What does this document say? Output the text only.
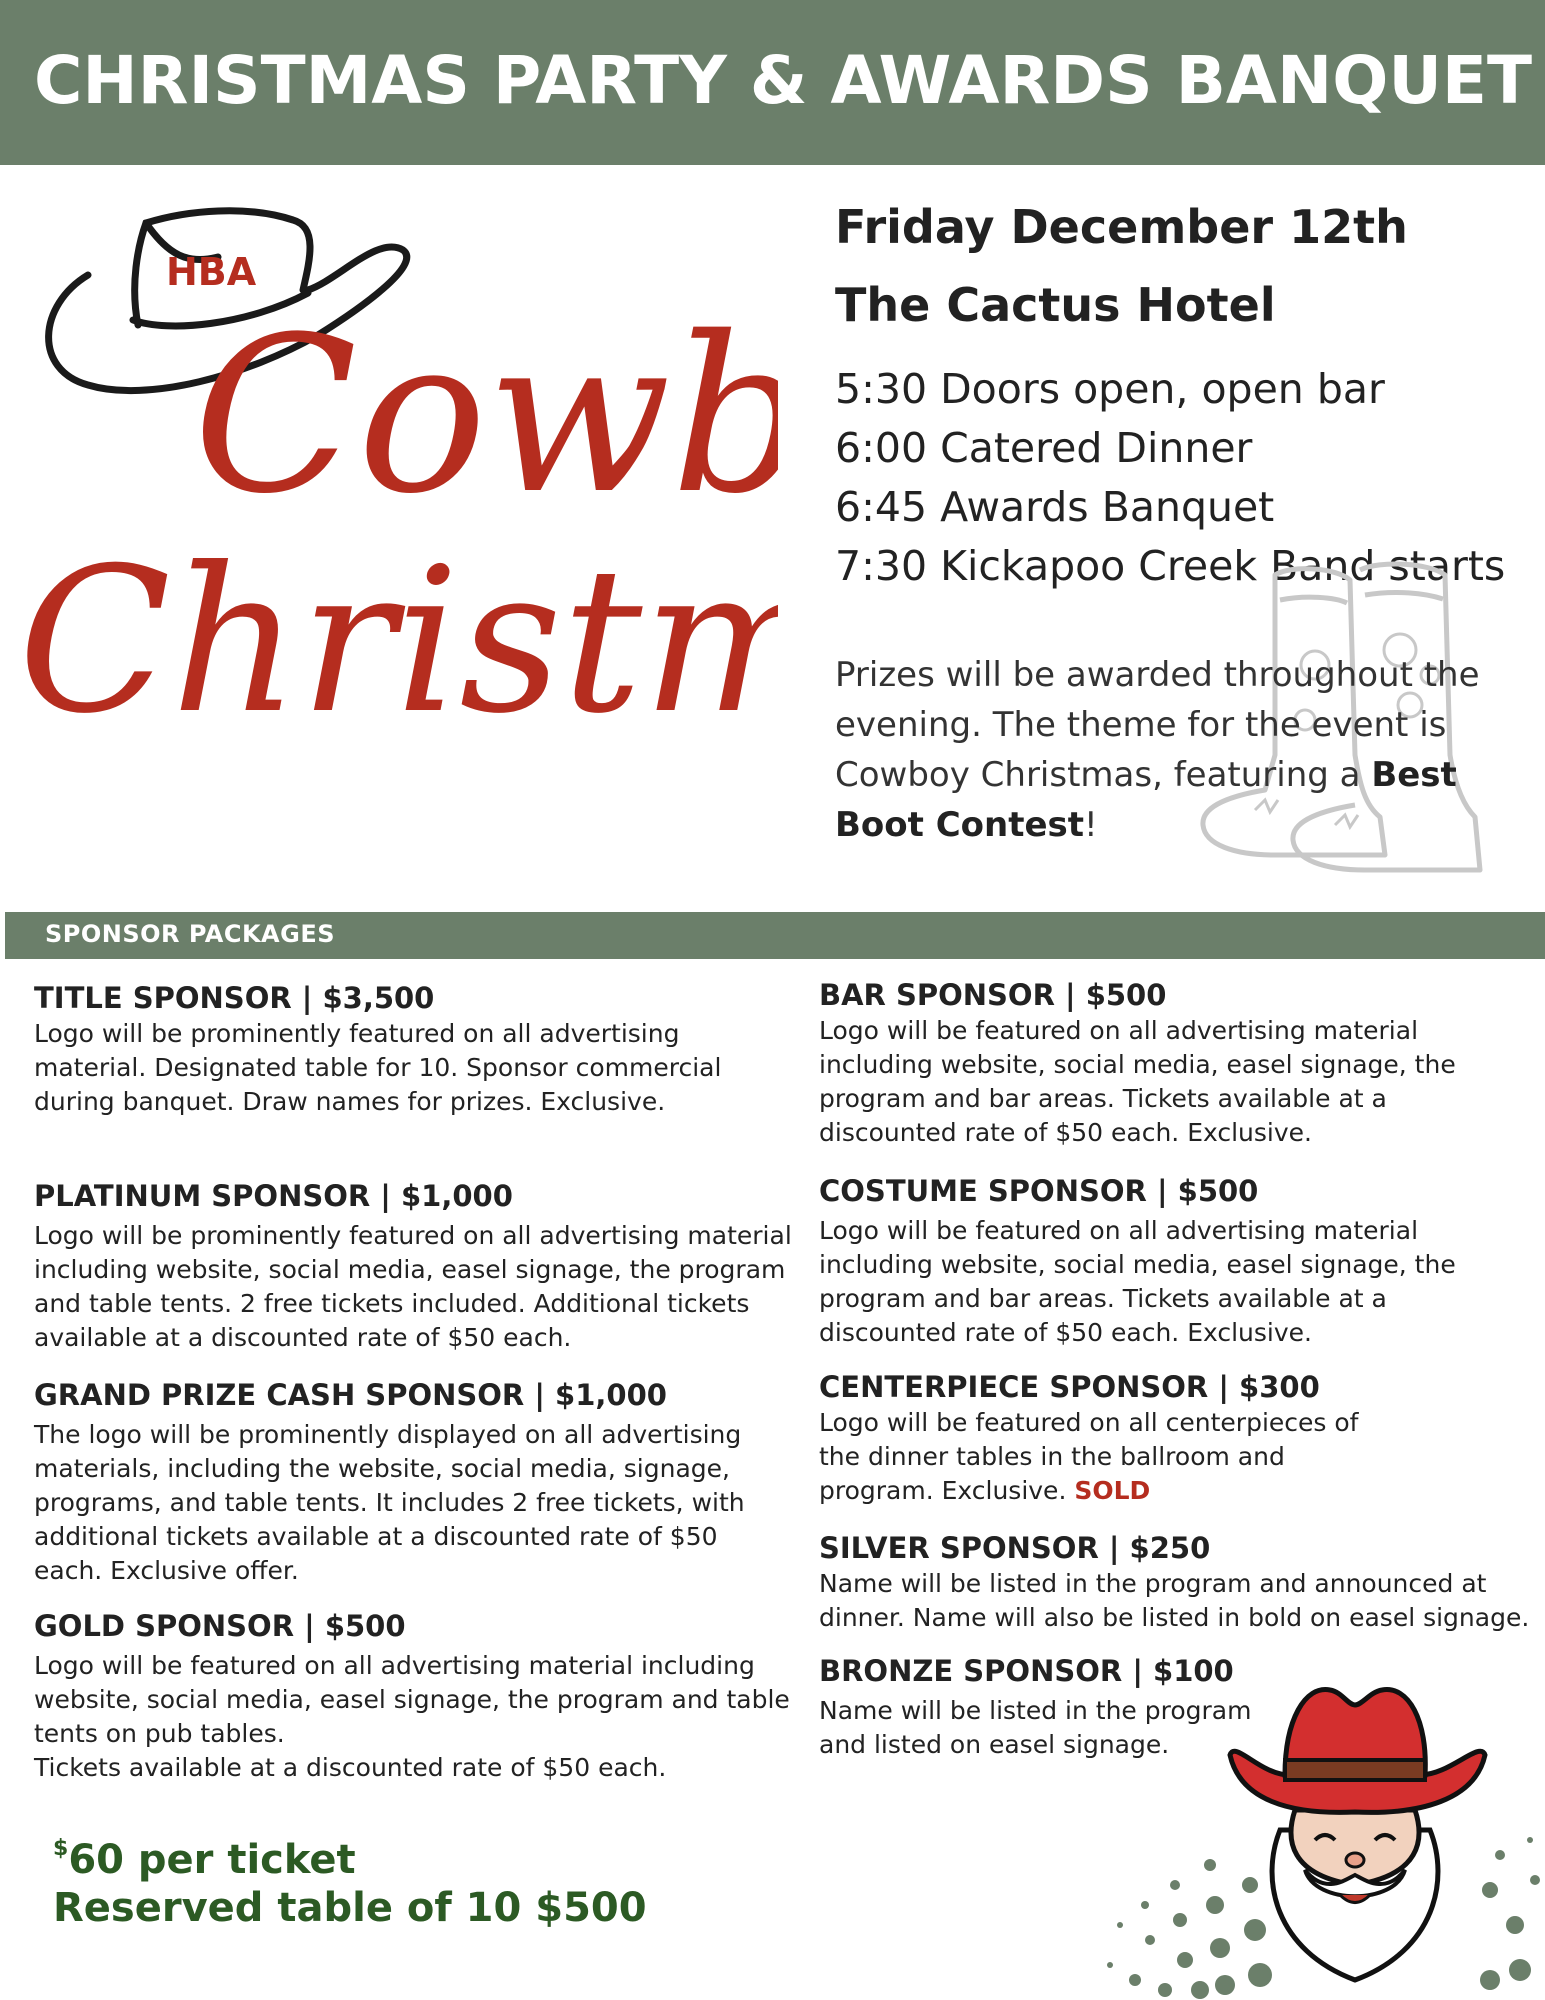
CHRISTMAS PARTY & AWARDS BANQUET
HBA
Cow
Christ
Friday December 12th
The Cactus Hotel
5:30 Doors open, open bar
6:00 Catered Dinner
6:45 Awards Banquet
7:30 Kickapoo Creek Band starts

Prizes will be awarded throughout the evening. The theme for the event is Cowboy Christmas, featuring a Best Boot Contest!

SPONSOR PACKAGES
TITLE SPONSOR | $3,500

Logo will be prominently featured on all advertising material. Designated table for 10. Sponsor commercial during banquet. Draw names for prizes. Exclusive.

PLATINUM SPONSOR | $1,000

Logo will be prominently featured on all advertising material including website, social media, easel signage, the program and table tents. 2 free tickets included. Additional tickets available at a discounted rate of $50 each.

GRAND PRIZE CASH SPONSOR | $1,000

The logo will be prominently displayed on all advertising materials, including the website, social media, signage, programs, and table tents. It includes 2 free tickets, with additional tickets available at a discounted rate of $50 each. Exclusive offer.

GOLD SPONSOR | $500

Logo will be featured on all advertising material including website, social media, easel signage, the program and table tents on pub tables.

Tickets available at a discounted rate of $50 each.

BAR SPONSOR | $500

Logo will be featured on all advertising material including website, social media, easel signage, the program and bar areas. Tickets available at a discounted rate of $50 each. Exclusive.

COSTUME SPONSOR | $500

Logo will be featured on all advertising material including website, social media, easel signage, the program and bar areas. Tickets available at a discounted rate of $50 each. Exclusive.

CENTERPIECE SPONSOR | $300

Logo will be featured on all centerpieces of the dinner tables in the ballroom and program. Exclusive. SOLD

SILVER SPONSOR | $250

Name will be listed in the program and announced at dinner. Name will also be listed in bold on easel signage.

BRONZE SPONSOR | $100

Name will be listed in the program and listed on easel signage.

$60 per ticket
Reserved table of 10 $500
